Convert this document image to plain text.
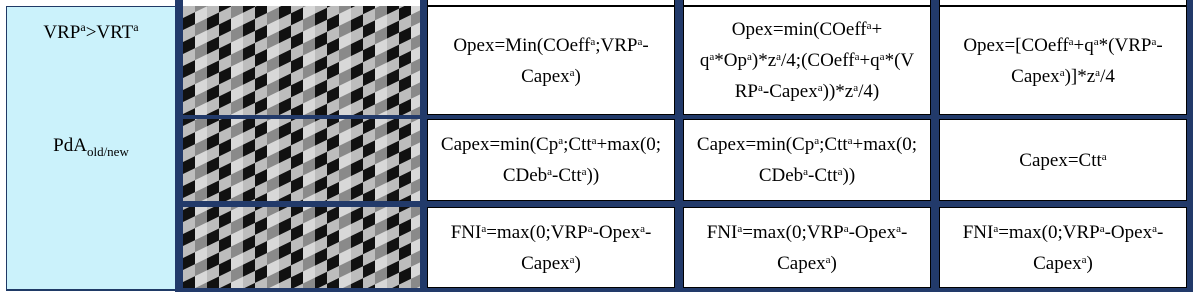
$VRP^a>VRT^a$
PdA$_{old/new}$
$Opex=Min(COeff^a;VRP^a-$
Capex$^a$)
Opex=min(COeff$^a$+
$q^a*Op^a)*z^a/4;(COeff^a+q^a*(V$
$RP^a-Capex^a))*z^a/4$)
$Opex=[COeff^a+q^a*(VRP^a-$
$Capex^a)]*z^a/4$
$Capex=\min(Cp^a;Ctt^a+\max(0$;
CDeb$^a$-Ctt$^a$))
$Capex=\min(Cp^a;Ctt^a+\max(0$;
CDeb$^a$-Ctt$^a$))
Capex=Ctt$^a$
$FNI^a=\max(0;VRP^a-Opex^a-$
Capex$^a$)
$FNI^a=\max(0;VRP^a-Opex^a-$
Capex$^a$)
$FNI^a=\max(0;VRP^a-Opex^a-$
Capex$^a$)
